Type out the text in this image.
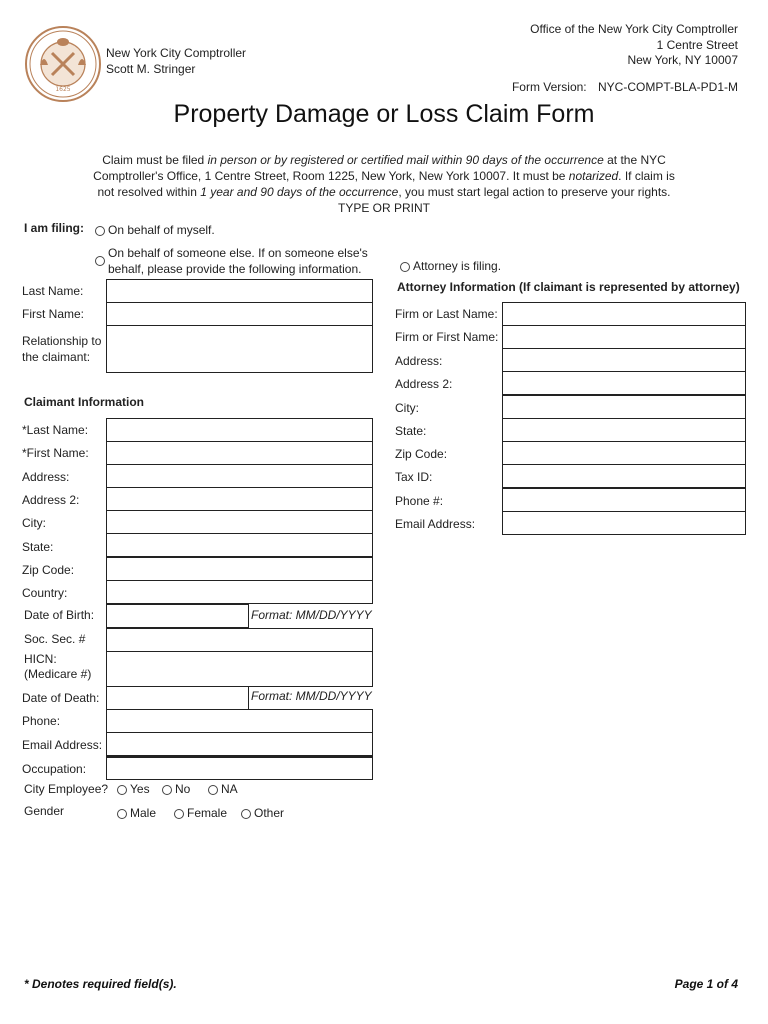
1625
New York City Comptroller
Scott M. Stringer
Office of the New York City Comptroller
1 Centre Street
New York, NY 10007
Form Version: NYC-COMPT-BLA-PD1-M
Property Damage or Loss Claim Form
Claim must be filed in person or by registered or certified mail within 90 days of the occurrence at the NYC Comptroller's Office, 1 Centre Street, Room 1225, New York, New York 10007. It must be notarized. If claim is not resolved within 1 year and 90 days of the occurrence, you must start legal action to preserve your rights.
TYPE OR PRINT
I am filing: On behalf of myself.
On behalf of someone else. If on someone else's
behalf, please provide the following information.	Attorney is filing.
Last Name:
First Name:
Relationship to
the claimant:
Claimant Information
*Last Name:
*First Name:
Address:
Address 2:
City:
State:
Zip Code:
Country:
Date of Birth:	Format: MM/DD/YYYY
Soc. Sec. #
HICN:
(Medicare #)
Date of Death:	Format: MM/DD/YYYY
Phone:
Email Address:
Occupation:
City Employee? Yes No	NA
Gender	Male	Female Other
Attorney Information (If claimant is represented by attorney)
Firm or Last Name:
Firm or First Name:
Address:
Address 2:
City:
State:
Zip Code:
Tax ID:
Phone #:
Email Address:
* Denotes required field(s).	Page 1 of 4
